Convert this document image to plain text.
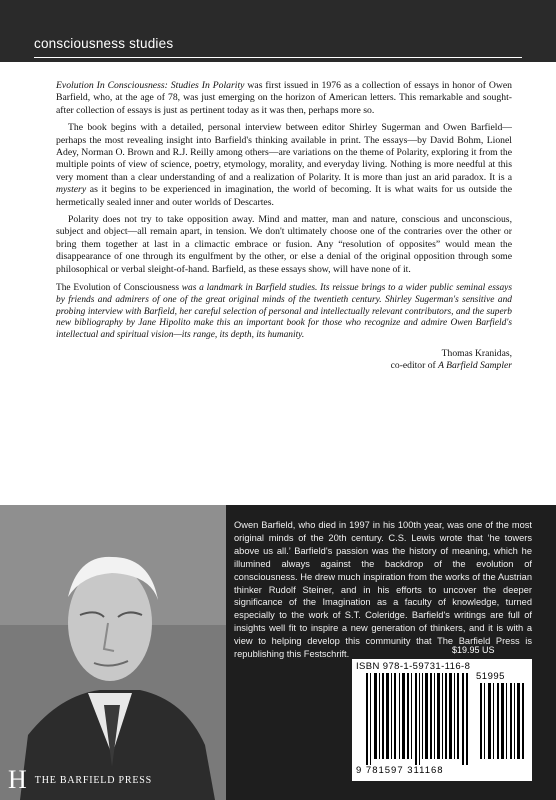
consciousness studies

Evolution In Consciousness: Studies In Polarity was first issued in 1976 as a collection of essays in honor of Owen Barfield, who, at the age of 78, was just emerging on the horizon of American letters. This remarkable and sought-after collection of essays is just as pertinent today as it was then, perhaps more so.

The book begins with a detailed, personal interview between editor Shirley Sugerman and Owen Barfield—perhaps the most revealing insight into Barfield's thinking available in print. The essays—by David Bohm, Lionel Adey, Norman O. Brown and R.J. Reilly among others—are variations on the theme of Polarity, exploring it from the multiple points of view of science, poetry, etymology, morality, and everyday living. Nothing is more needful at this very moment than a clear understanding of and a realization of Polarity. It is more than just an arid paradox. It is a mystery as it begins to be experienced in imagination, the world of becoming. It is what waits for us outside the hermetically sealed inner and outer worlds of Descartes.

Polarity does not try to take opposition away. Mind and matter, man and nature, conscious and unconscious, subject and object—all remain apart, in tension. We don't ultimately choose one of the contraries over the other or bring them together at last in a climactic embrace or fusion. Any “resolution of opposites” would mean the disappearance of one through its engulfment by the other, or else a denial of the original opposition through some philosophical or verbal sleight-of-hand. Barfield, as these essays show, will have none of it.

The Evolution of Consciousness was a landmark in Barfield studies. Its reissue brings to a wider public seminal essays by friends and admirers of one of the great original minds of the twentieth century. Shirley Sugerman's sensitive and probing interview with Barfield, her careful selection of personal and intellectually relevant contributors, and the superb new bibliography by Jane Hipolito make this an important book for those who recognize and admire Owen Barfield's intellectual and spiritual vision—its range, its depth, its humanity.

Thomas Kranidas,
co-editor of A Barfield Sampler

Owen Barfield, who died in 1997 in his 100th year, was one of the most original minds of the 20th century. C.S. Lewis wrote that ‘he towers above us all.’ Barfield's passion was the history of meaning, which he illumined always against the backdrop of the evolution of consciousness. He drew much inspiration from the works of the Austrian thinker Rudolf Steiner, and in his efforts to uncover the deeper significance of the Imagination as a faculty of knowledge, turned especially to the work of S.T. Coleridge. Barfield's writings are full of insights well fit to inspire a new generation of thinkers, and it is with a view to helping develop this community that The Barfield Press is republishing this Festschrift.	$19.95 US
ISBN 978-1-59731-116-8
51995
9 781597 311168
H THE BARFIELD PRESS
